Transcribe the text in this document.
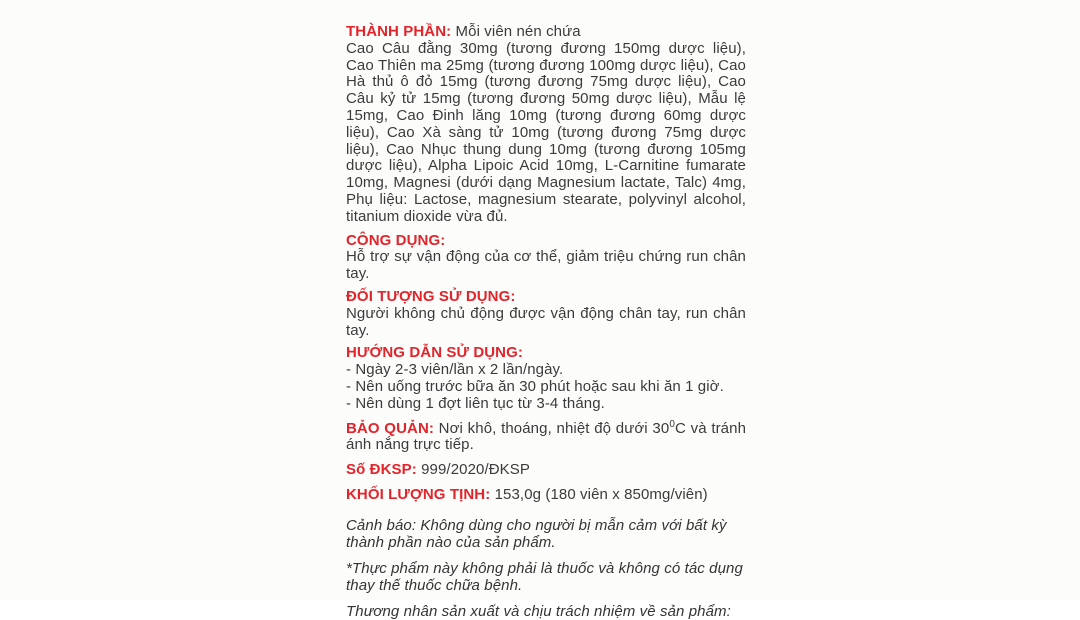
THÀNH PHẦN: Mỗi viên nén chứa

Cao Câu đằng 30mg (tương đương 150mg dược liệu), Cao Thiên ma 25mg (tương đương 100mg dược liệu), Cao Hà thủ ô đỏ 15mg (tương đương 75mg dược liệu), Cao Câu kỷ tử 15mg (tương đương 50mg dược liệu), Mẫu lệ 15mg, Cao Đinh lăng 10mg (tương đương 60mg dược liệu), Cao Xà sàng tử 10mg (tương đương 75mg dược liệu), Cao Nhục thung dung 10mg (tương đương 105mg dược liệu), Alpha Lipoic Acid 10mg, L-Carnitine fumarate 10mg, Magnesi (dưới dạng Magnesium lactate, Talc) 4mg, Phụ liệu: Lactose, magnesium stearate, polyvinyl alcohol, titanium dioxide vừa đủ.

CÔNG DỤNG:

Hỗ trợ sự vận động của cơ thể, giảm triệu chứng run chân tay.

ĐỐI TƯỢNG SỬ DỤNG:

Người không chủ động được vận động chân tay, run chân tay.

HƯỚNG DẪN SỬ DỤNG:

- Ngày 2-3 viên/lần x 2 lần/ngày.

- Nên uống trước bữa ăn 30 phút hoặc sau khi ăn 1 giờ.

- Nên dùng 1 đợt liên tục từ 3-4 tháng.

BẢO QUẢN: Nơi khô, thoáng, nhiệt độ dưới $30^0C$ và tránh ánh nắng trực tiếp.

Số ĐKSP: 999/2020/ĐKSP

KHỐI LƯỢNG TỊNH: 153,0g (180 viên x 850mg/viên)

Cảnh báo: Không dùng cho người bị mẫn cảm với bất kỳ thành phần nào của sản phẩm.

*Thực phẩm này không phải là thuốc và không có tác dụng thay thế thuốc chữa bệnh.

Thương nhân sản xuất và chịu trách nhiệm về sản phẩm:
